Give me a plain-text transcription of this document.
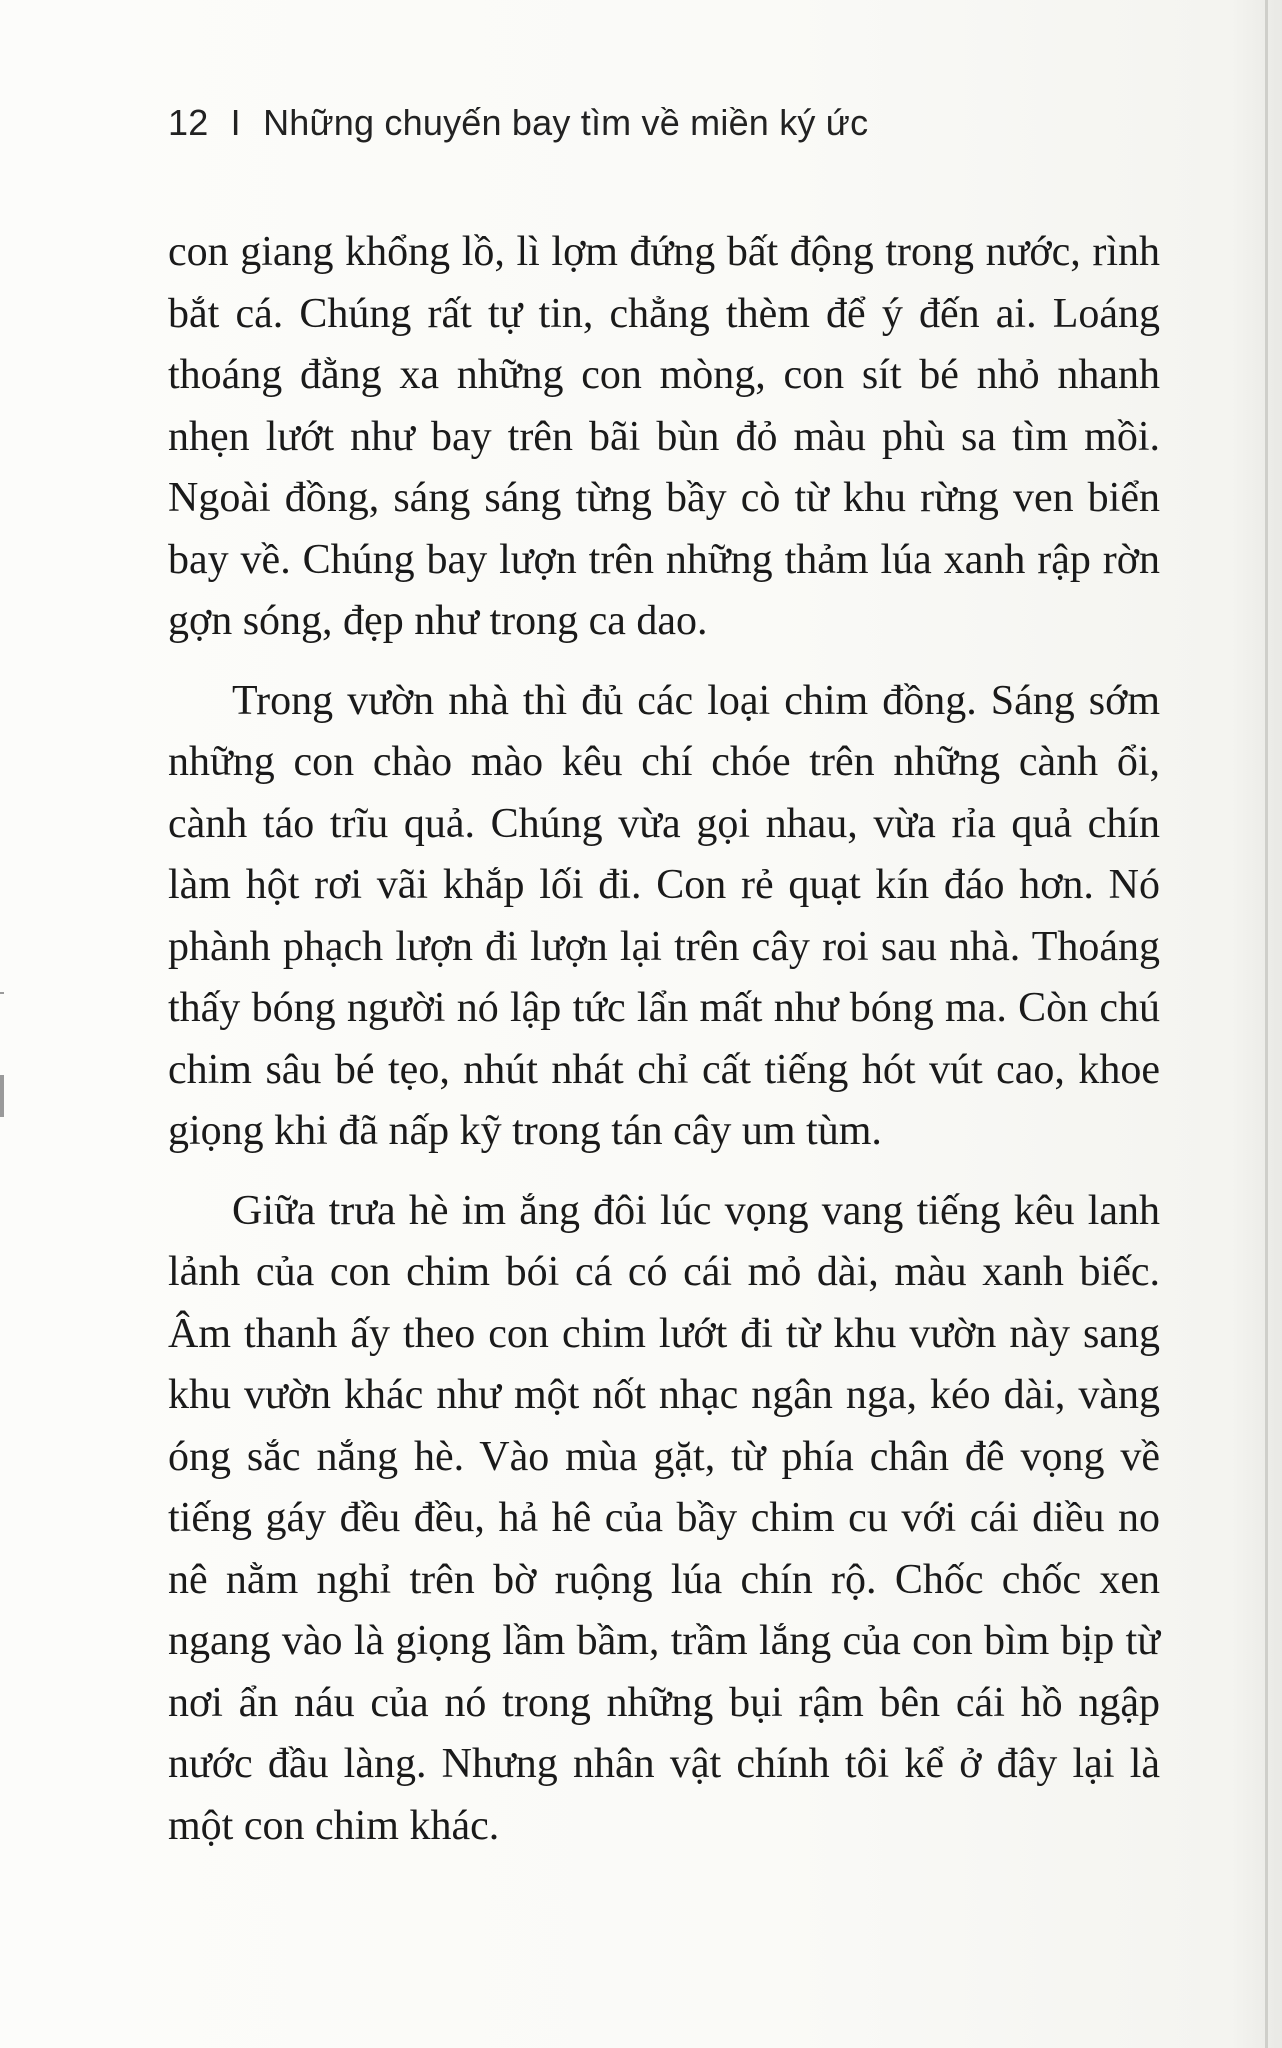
12 I Những chuyến bay tìm về miền ký ức

con giang khổng lồ, lì lợm đứng bất động trong nước, rình bắt cá. Chúng rất tự tin, chẳng thèm để ý đến ai. Loáng thoáng đằng xa những con mòng, con sít bé nhỏ nhanh nhẹn lướt như bay trên bãi bùn đỏ màu phù sa tìm mồi. Ngoài đồng, sáng sáng từng bầy cò từ khu rừng ven biển bay về. Chúng bay lượn trên những thảm lúa xanh rập rờn gợn sóng, đẹp như trong ca dao.

Trong vườn nhà thì đủ các loại chim đồng. Sáng sớm những con chào mào kêu chí chóe trên những cành ổi, cành táo trĩu quả. Chúng vừa gọi nhau, vừa rỉa quả chín làm hột rơi vãi khắp lối đi. Con rẻ quạt kín đáo hơn. Nó phành phạch lượn đi lượn lại trên cây roi sau nhà. Thoáng thấy bóng người nó lập tức lẩn mất như bóng ma. Còn chú chim sâu bé tẹo, nhút nhát chỉ cất tiếng hót vút cao, khoe giọng khi đã nấp kỹ trong tán cây um tùm.

Giữa trưa hè im ắng đôi lúc vọng vang tiếng kêu lanh lảnh của con chim bói cá có cái mỏ dài, màu xanh biếc. Âm thanh ấy theo con chim lướt đi từ khu vườn này sang khu vườn khác như một nốt nhạc ngân nga, kéo dài, vàng óng sắc nắng hè. Vào mùa gặt, từ phía chân đê vọng về tiếng gáy đều đều, hả hê của bầy chim cu với cái diều no nê nằm nghỉ trên bờ ruộng lúa chín rộ. Chốc chốc xen ngang vào là giọng lầm bầm, trầm lắng của con bìm bịp từ nơi ẩn náu của nó trong những bụi rậm bên cái hồ ngập nước đầu làng. Nhưng nhân vật chính tôi kể ở đây lại là một con chim khác.
